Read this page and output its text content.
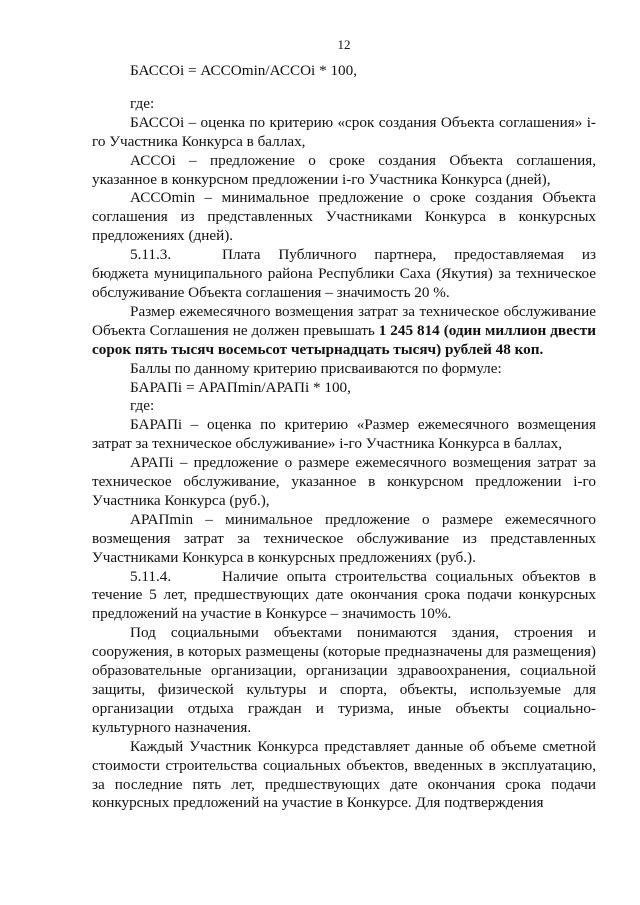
12

БАССОi = АССОmin/АССОi * 100,

где:

БАССОi – оценка по критерию «срок создания Объекта соглашения» i-го Участника Конкурса в баллах,

АССОi – предложение о сроке создания Объекта соглашения, указанное в конкурсном предложении i-го Участника Конкурса (дней),

АССОmin – минимальное предложение о сроке создания Объекта соглашения из представленных Участниками Конкурса в конкурсных предложениях (дней).

5.11.3.	Плата Публичного партнера, предоставляемая из бюджета муниципального района Республики Саха (Якутия) за техническое обслуживание Объекта соглашения – значимость 20 %.

Размер ежемесячного возмещения затрат за техническое обслуживание Объекта Соглашения не должен превышать 1 245 814 (один миллион двести сорок пять тысяч восемьсот четырнадцать тысяч) рублей 48 коп.

Баллы по данному критерию присваиваются по формуле:

БАРАПi = АРАПmin/АРАПi * 100,

где:

БАРАПi – оценка по критерию «Размер ежемесячного возмещения затрат за техническое обслуживание» i-го Участника Конкурса в баллах,

АРАПi – предложение о размере ежемесячного возмещения затрат за техническое обслуживание, указанное в конкурсном предложении i-го Участника Конкурса (руб.),

АРАПmin – минимальное предложение о размере ежемесячного возмещения затрат за техническое обслуживание из представленных Участниками Конкурса в конкурсных предложениях (руб.).

5.11.4.	Наличие опыта строительства социальных объектов в течение 5 лет, предшествующих дате окончания срока подачи конкурсных предложений на участие в Конкурсе – значимость 10%.

Под социальными объектами понимаются здания, строения и сооружения, в которых размещены (которые предназначены для размещения) образовательные организации, организации здравоохранения, социальной защиты, физической культуры и спорта, объекты, используемые для организации отдыха граждан и туризма, иные объекты социально-культурного назначения.

Каждый Участник Конкурса представляет данные об объеме сметной стоимости строительства социальных объектов, введенных в эксплуатацию, за последние пять лет, предшествующих дате окончания срока подачи конкурсных предложений на участие в Конкурсе. Для подтверждения
